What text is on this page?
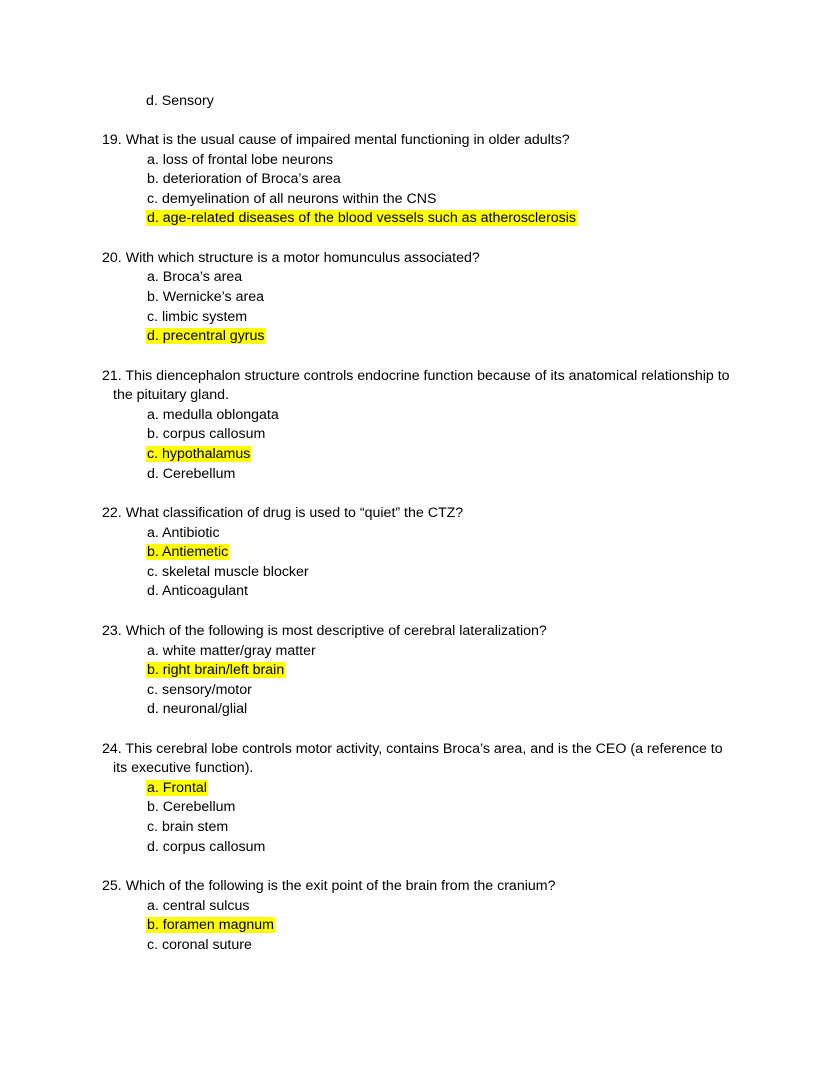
d. Sensory

19. What is the usual cause of impaired mental functioning in older adults?

a. loss of frontal lobe neurons
b. deterioration of Broca’s area
c. demyelination of all neurons within the CNS
d. age-related diseases of the blood vessels such as atherosclerosis

20. With which structure is a motor homunculus associated?

a. Broca’s area
b. Wernicke’s area
c. limbic system
d. precentral gyrus

21. This diencephalon structure controls endocrine function because of its anatomical relationship to the pituitary gland.

a. medulla oblongata
b. corpus callosum
c. hypothalamus
d. Cerebellum

22. What classification of drug is used to “quiet” the CTZ?

a. Antibiotic
b. Antiemetic
c. skeletal muscle blocker
d. Anticoagulant

23. Which of the following is most descriptive of cerebral lateralization?

a. white matter/gray matter
b. right brain/left brain
c. sensory/motor
d. neuronal/glial

24. This cerebral lobe controls motor activity, contains Broca’s area, and is the CEO (a reference to its executive function).

a. Frontal
b. Cerebellum
c. brain stem
d. corpus callosum

25. Which of the following is the exit point of the brain from the cranium?

a. central sulcus
b. foramen magnum
c. coronal suture
